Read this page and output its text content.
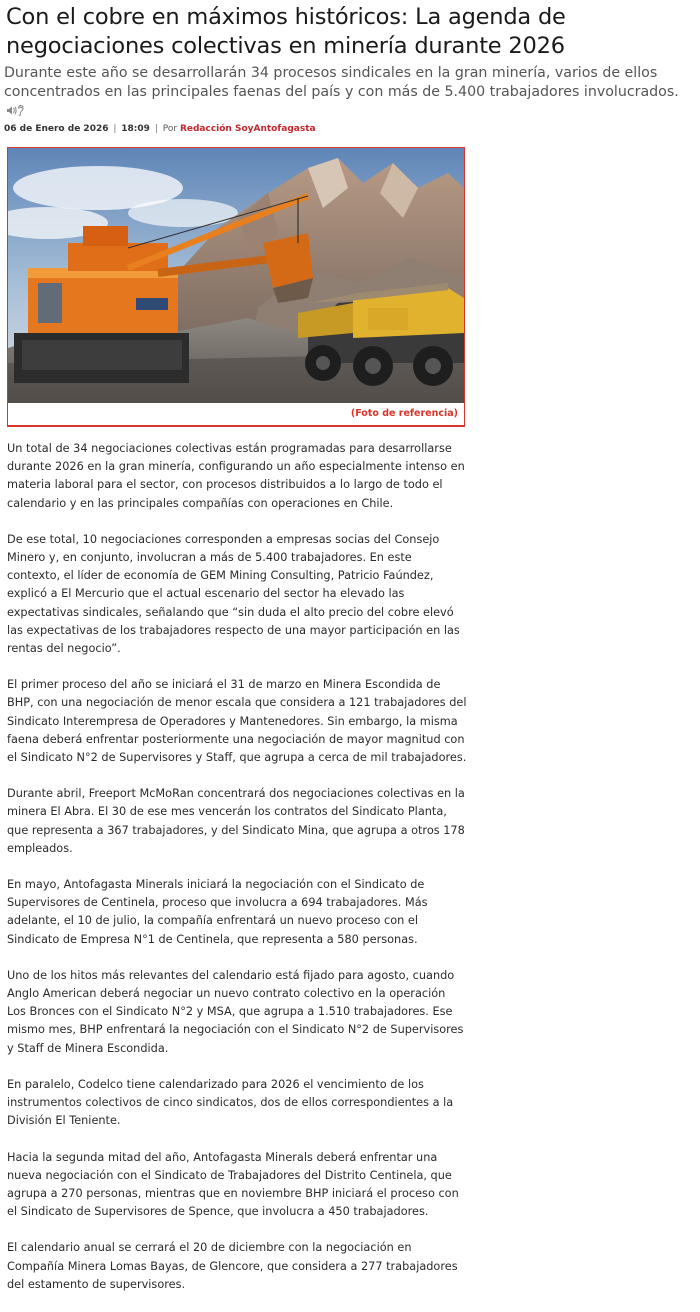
Con el cobre en máximos históricos: La agenda de negociaciones colectivas en minería durante 2026

Durante este año se desarrollarán 34 procesos sindicales en la gran minería, varios de ellos concentrados en las principales faenas del país y con más de 5.400 trabajadores involucrados.

06 de Enero de 2026 | 18:09 | Por Redacción SoyAntofagasta
(Foto de referencia)

Un total de 34 negociaciones colectivas están programadas para desarrollarse durante 2026 en la gran minería, configurando un año especialmente intenso en materia laboral para el sector, con procesos distribuidos a lo largo de todo el calendario y en las principales compañías con operaciones en Chile.

De ese total, 10 negociaciones corresponden a empresas socias del Consejo Minero y, en conjunto, involucran a más de 5.400 trabajadores. En este contexto, el líder de economía de GEM Mining Consulting, Patricio Faúndez, explicó a El Mercurio que el actual escenario del sector ha elevado las expectativas sindicales, señalando que “sin duda el alto precio del cobre elevó las expectativas de los trabajadores respecto de una mayor participación en las rentas del negocio”.

El primer proceso del año se iniciará el 31 de marzo en Minera Escondida de BHP, con una negociación de menor escala que considera a 121 trabajadores del Sindicato Interempresa de Operadores y Mantenedores. Sin embargo, la misma faena deberá enfrentar posteriormente una negociación de mayor magnitud con el Sindicato N°2 de Supervisores y Staff, que agrupa a cerca de mil trabajadores.

Durante abril, Freeport McMoRan concentrará dos negociaciones colectivas en la minera El Abra. El 30 de ese mes vencerán los contratos del Sindicato Planta, que representa a 367 trabajadores, y del Sindicato Mina, que agrupa a otros 178 empleados.

En mayo, Antofagasta Minerals iniciará la negociación con el Sindicato de Supervisores de Centinela, proceso que involucra a 694 trabajadores. Más adelante, el 10 de julio, la compañía enfrentará un nuevo proceso con el Sindicato de Empresa N°1 de Centinela, que representa a 580 personas.

Uno de los hitos más relevantes del calendario está fijado para agosto, cuando Anglo American deberá negociar un nuevo contrato colectivo en la operación Los Bronces con el Sindicato N°2 y MSA, que agrupa a 1.510 trabajadores. Ese mismo mes, BHP enfrentará la negociación con el Sindicato N°2 de Supervisores y Staff de Minera Escondida.

En paralelo, Codelco tiene calendarizado para 2026 el vencimiento de los instrumentos colectivos de cinco sindicatos, dos de ellos correspondientes a la División El Teniente.

Hacia la segunda mitad del año, Antofagasta Minerals deberá enfrentar una nueva negociación con el Sindicato de Trabajadores del Distrito Centinela, que agrupa a 270 personas, mientras que en noviembre BHP iniciará el proceso con el Sindicato de Supervisores de Spence, que involucra a 450 trabajadores.

El calendario anual se cerrará el 20 de diciembre con la negociación en Compañía Minera Lomas Bayas, de Glencore, que considera a 277 trabajadores del estamento de supervisores.
